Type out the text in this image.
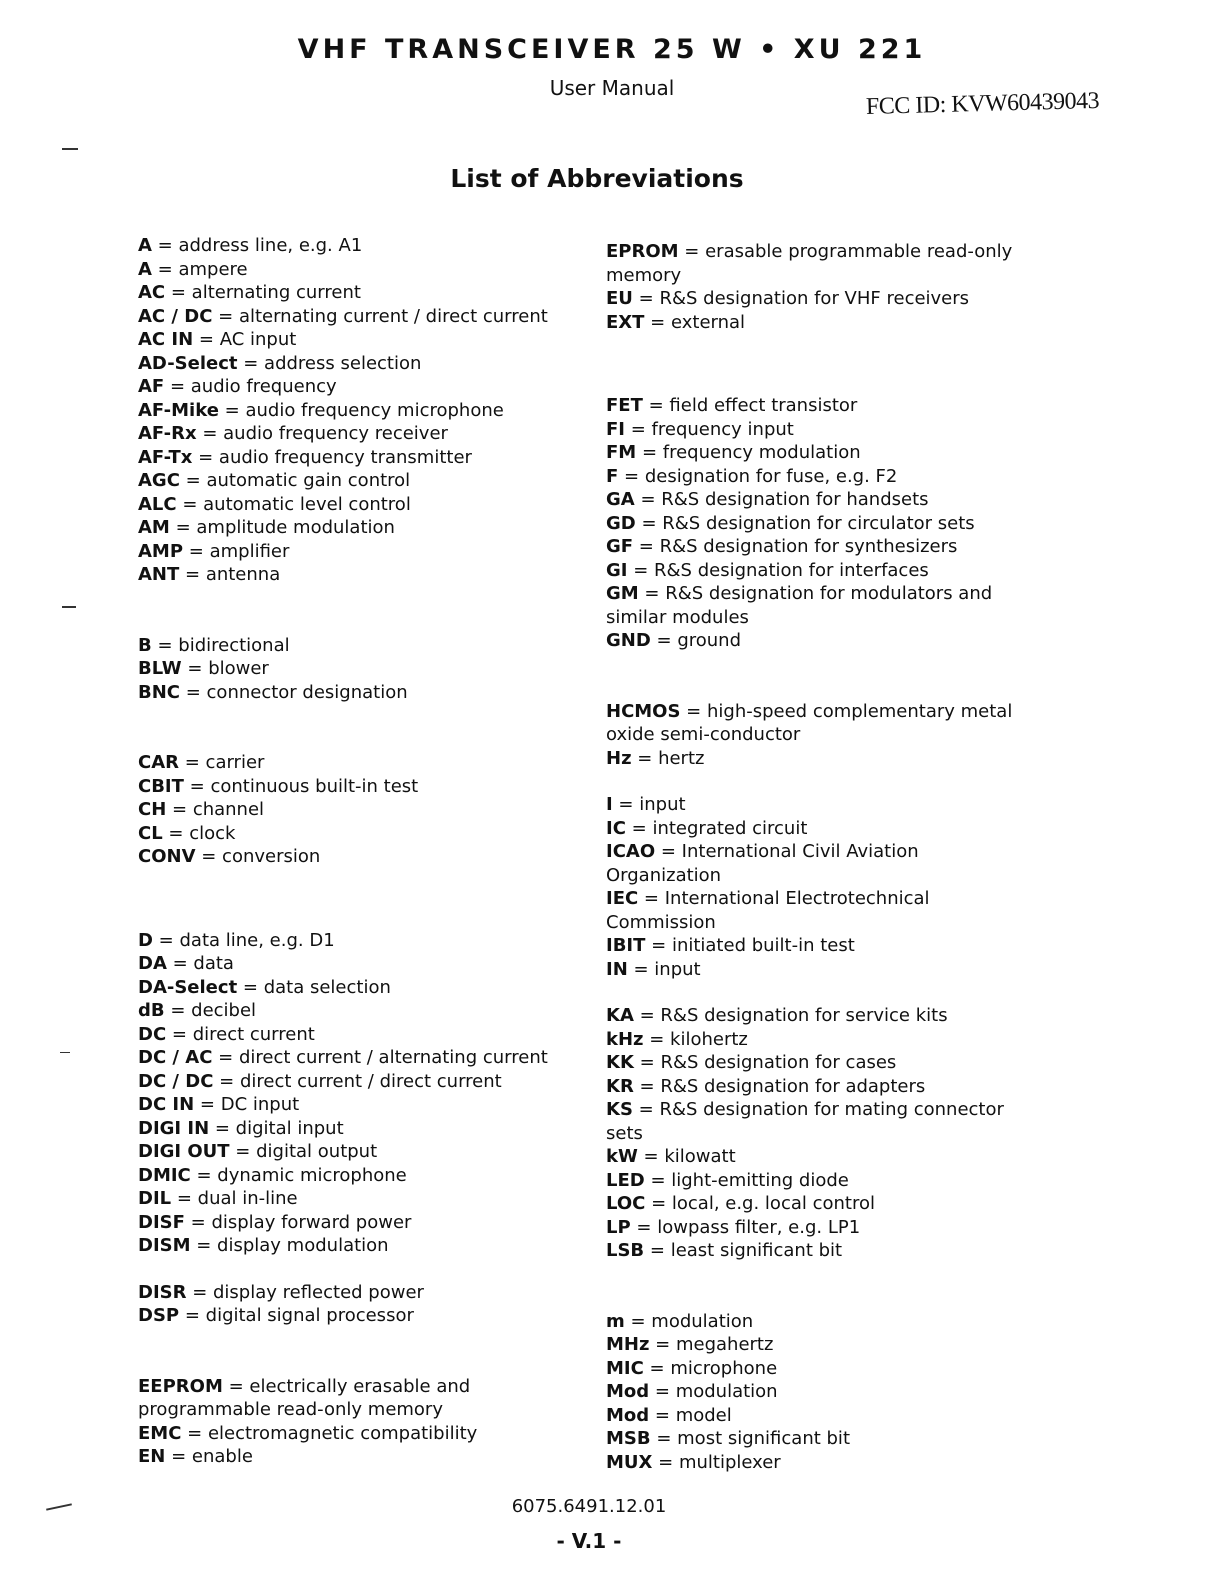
VHF TRANSCEIVER 25 W • XU 221
User Manual	FCC ID: KVW60439043
List of Abbreviations
A = address line, e.g. A1
A = ampere
AC = alternating current
AC / DC = alternating current / direct current
AC IN = AC input
AD-Select = address selection
AF = audio frequency
AF-Mike = audio frequency microphone
AF-Rx = audio frequency receiver
AF-Tx = audio frequency transmitter
AGC = automatic gain control
ALC = automatic level control
AM = amplitude modulation
AMP = amplifier
ANT = antenna
B = bidirectional
BLW = blower
BNC = connector designation
CAR = carrier
CBIT = continuous built-in test
CH = channel
CL = clock
CONV = conversion
D = data line, e.g. D1
DA = data
DA-Select = data selection
dB = decibel
DC = direct current
DC / AC = direct current / alternating current
DC / DC = direct current / direct current
DC IN = DC input
DIGI IN = digital input
DIGI OUT = digital output
DMIC = dynamic microphone
DIL = dual in-line
DISF = display forward power
DISM = display modulation
DISR = display reflected power
DSP = digital signal processor
EEPROM = electrically erasable and programmable read-only memory
EMC = electromagnetic compatibility
EN = enable
EPROM = erasable programmable read-only memory
EU = R&S designation for VHF receivers
EXT = external
FET = field effect transistor
FI = frequency input
FM = frequency modulation
F = designation for fuse, e.g. F2
GA = R&S designation for handsets
GD = R&S designation for circulator sets
GF = R&S designation for synthesizers
GI = R&S designation for interfaces
GM = R&S designation for modulators and similar modules
GND = ground
HCMOS = high-speed complementary metal oxide semi-conductor
Hz = hertz
I = input
IC = integrated circuit
ICAO = International Civil Aviation Organization
IEC = International Electrotechnical Commission
IBIT = initiated built-in test
IN = input
KA = R&S designation for service kits
kHz = kilohertz
KK = R&S designation for cases
KR = R&S designation for adapters
KS = R&S designation for mating connector sets
kW = kilowatt
LED = light-emitting diode
LOC = local, e.g. local control
LP = lowpass filter, e.g. LP1
LSB = least significant bit
m = modulation
MHz = megahertz
MIC = microphone
Mod = modulation
Mod = model
MSB = most significant bit
MUX = multiplexer
6075.6491.12.01
- V.1 -
